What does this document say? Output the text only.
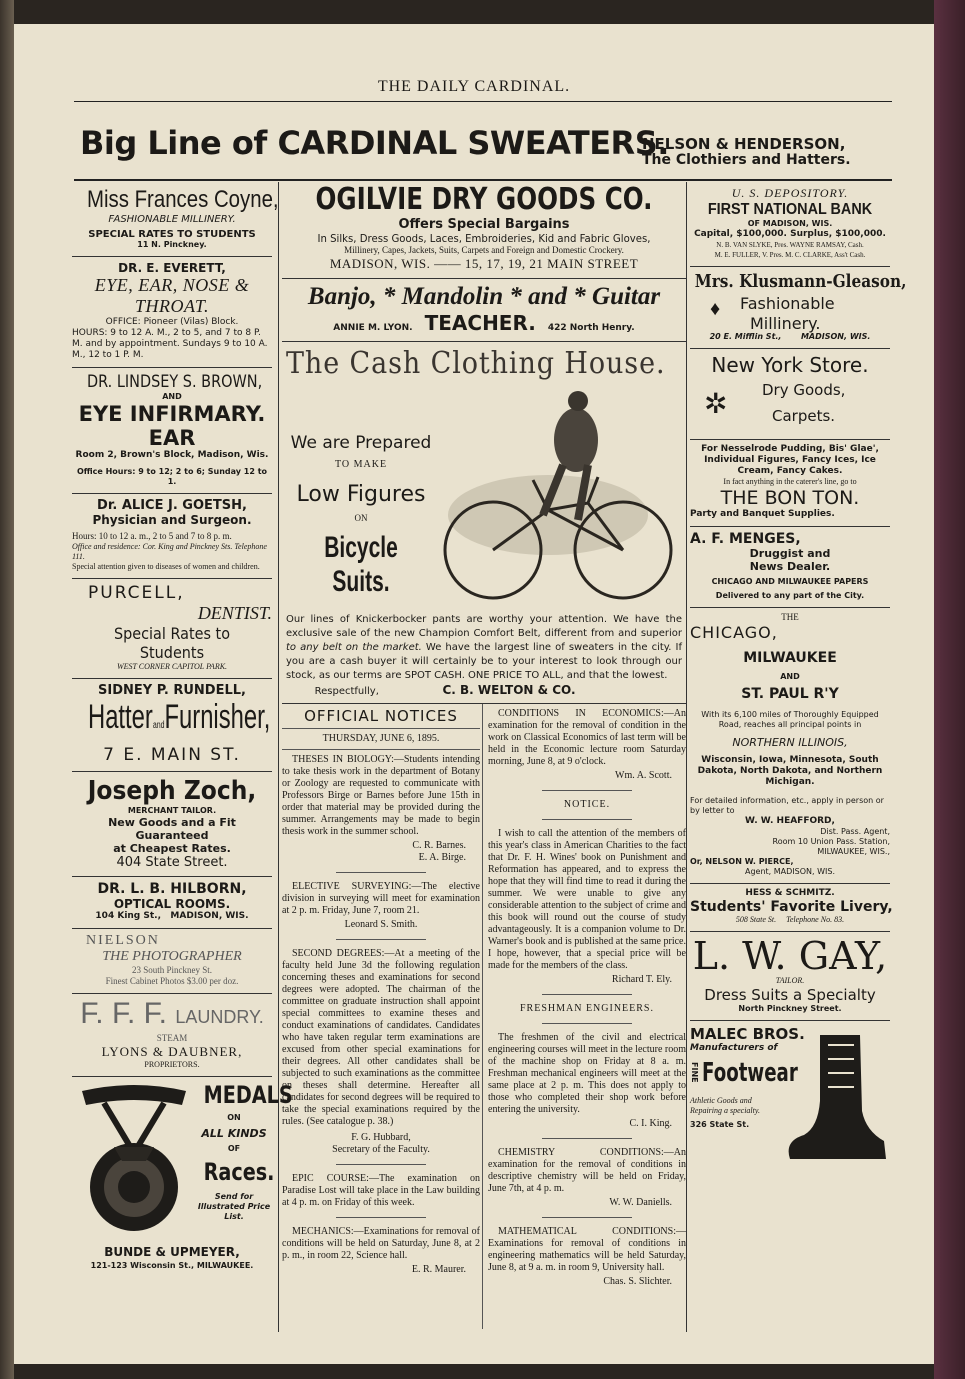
THE DAILY CARDINAL.
Big Line of CARDINAL SWEATERS.
NELSON & HENDERSON,
The Clothiers and Hatters.

Miss Frances Coyne,

FASHIONABLE MILLINERY.

SPECIAL RATES TO STUDENTS

11 N. Pinckney.

DR. E. EVERETT,

EYE, EAR, NOSE & THROAT.

OFFICE: Pioneer (Vilas) Block.

HOURS: 9 to 12 A. M., 2 to 5, and 7 to 8 P. M. and by appointment. Sundays 9 to 10 A. M., 12 to 1 P. M.

DR. LINDSEY S. BROWN,

AND

EYE INFIRMARY. EAR

Room 2, Brown's Block, Madison, Wis.

Office Hours: 9 to 12; 2 to 6; Sunday 12 to 1.

Dr. ALICE J. GOETSH,

Physician and Surgeon.

Hours: 10 to 12 a. m., 2 to 5 and 7 to 8 p. m.

Office and residence: Cor. King and Pinckney Sts. Telephone 111.

Special attention given to diseases of women and children.

PURCELL,

DENTIST.

Special Rates to Students

WEST CORNER CAPITOL PARK.

SIDNEY P. RUNDELL,

HatterandFurnisher,

7 E. MAIN ST.

Joseph Zoch,

MERCHANT TAILOR.

New Goods and a Fit Guaranteed

at Cheapest Rates.

404 State Street.

DR. L. B. HILBORN,

OPTICAL ROOMS.

104 King St., MADISON, WIS.

NIELSON

THE PHOTOGRAPHER

23 South Pinckney St.

Finest Cabinet Photos $3.00 per doz.

F. F. F. LAUNDRY.

STEAM

LYONS & DAUBNER,

PROPRIETORS.

MEDALS

ON

ALL KINDS

OF

Races.

Send for Illustrated Price List.

BUNDE & UPMEYER,

121-123 Wisconsin St., MILWAUKEE.

OGILVIE DRY GOODS CO.

Offers Special Bargains

In Silks, Dress Goods, Laces, Embroideries, Kid and Fabric Gloves,

Millinery, Capes, Jackets, Suits, Carpets and Foreign and Domestic Crockery.

MADISON, WIS. —— 15, 17, 19, 21 MAIN STREET

Banjo, * Mandolin * and * Guitar

ANNIE M. LYON. TEACHER. 422 North Henry.

The Cash Clothing House.

We are Prepared

TO MAKE

Low Figures

ON

Bicycle Suits.

Our lines of Knickerbocker pants are worthy your attention. We have the exclusive sale of the new Champion Comfort Belt, different from and superior to any belt on the market. We have the largest line of sweaters in the city. If you are a cash buyer it will certainly be to your interest to look through our stock, as our terms are SPOT CASH. ONE PRICE TO ALL, and that the lowest.

Respectfully,	C. B. WELTON & CO.

OFFICIAL NOTICES

THURSDAY, JUNE 6, 1895.

THESES IN BIOLOGY:—Students intending to take thesis work in the department of Botany or Zoology are requested to communicate with Professors Birge or Barnes before June 15th in order that material may be provided during the summer. Arrangements may be made to begin thesis work in the summer school.

C. R. Barnes.

E. A. Birge.

ELECTIVE SURVEYING:—The elective division in surveying will meet for examination at 2 p. m. Friday, June 7, room 21.

Leonard S. Smith.

SECOND DEGREES:—At a meeting of the faculty held June 3d the following regulation concerning theses and examinations for second degrees were adopted. The chairman of the committee on graduate instruction shall appoint special committees to examine theses and conduct examinations of candidates. Candidates who have taken regular term examinations are excused from other special examinations for their degrees. All other candidates shall be subjected to such examinations as the committee on theses shall determine. Hereafter all candidates for second degrees will be required to take the special examinations required by the rules. (See catalogue p. 38.)

F. G. Hubbard,

Secretary of the Faculty.

EPIC COURSE:—The examination on Paradise Lost will take place in the Law building at 4 p. m. on Friday of this week.

MECHANICS:—Examinations for removal of conditions will be held on Saturday, June 8, at 2 p. m., in room 22, Science hall.

E. R. Maurer.

CONDITIONS IN ECONOMICS:—An examination for the removal of condition in the work on Classical Economics of last term will be held in the Economic lecture room Saturday morning, June 8, at 9 o'clock.

Wm. A. Scott.

NOTICE.

I wish to call the attention of the members of this year's class in American Charities to the fact that Dr. F. H. Wines' book on Punishment and Reformation has appeared, and to express the hope that they will find time to read it during the summer. We were unable to give any considerable attention to the subject of crime and this book will round out the course of study advantageously. It is a companion volume to Dr. Warner's book and is published at the same price. I hope, however, that a special price will be made for the members of the class.

Richard T. Ely.

FRESHMAN ENGINEERS.

The freshmen of the civil and electrical engineering courses will meet in the lecture room of the machine shop on Friday at 8 a. m. Freshman mechanical engineers will meet at the same place at 2 p. m. This does not apply to those who completed their shop work before entering the university.

C. I. King.

CHEMISTRY CONDITIONS:—An examination for the removal of conditions in descriptive chemistry will be held on Friday, June 7th, at 4 p. m.

W. W. Daniells.

MATHEMATICAL CONDITIONS:—Examinations for removal of conditions in engineering mathematics will be held Saturday, June 8, at 9 a. m. in room 9, University hall.

Chas. S. Slichter.

U. S. DEPOSITORY.

FIRST NATIONAL BANK

OF MADISON, WIS.

Capital, $100,000. Surplus, $100,000.

N. B. VAN SLYKE, Pres. WAYNE RAMSAY, Cash.

M. E. FULLER, V. Pres. M. C. CLARKE, Ass't Cash.

Mrs. Klusmann-Gleason,

♦ Fashionable

Millinery.

20 E. Mifflin St., MADISON, WIS.

New York Store.

✲ Dry Goods,

Carpets.

For Nesselrode Pudding, Bis' Glae', Individual Figures, Fancy Ices, Ice Cream, Fancy Cakes.

In fact anything in the caterer's line, go to

THE BON TON.

Party and Banquet Supplies.

A. F. MENGES,

Druggist and

News Dealer.

CHICAGO AND MILWAUKEE PAPERS

Delivered to any part of the City.

THE

CHICAGO,

MILWAUKEE

AND

ST. PAUL R'Y

With its 6,100 miles of Thoroughly Equipped Road, reaches all principal points in

NORTHERN ILLINOIS,

Wisconsin, Iowa, Minnesota, South Dakota, North Dakota, and Northern Michigan.

For detailed information, etc., apply in person or by letter to

W. W. HEAFFORD,

Dist. Pass. Agent,

Room 10 Union Pass. Station,

MILWAUKEE, WIS.,

Or, NELSON W. PIERCE,

Agent, MADISON, WIS.

HESS & SCHMITZ.

Students' Favorite Livery,

508 State St. Telephone No. 83.

L. W. GAY,

TAILOR.

Dress Suits a Specialty

North Pinckney Street.

MALEC BROS.

Manufacturers of

FINE Footwear

Athletic Goods and Repairing a specialty.

326 State St.
